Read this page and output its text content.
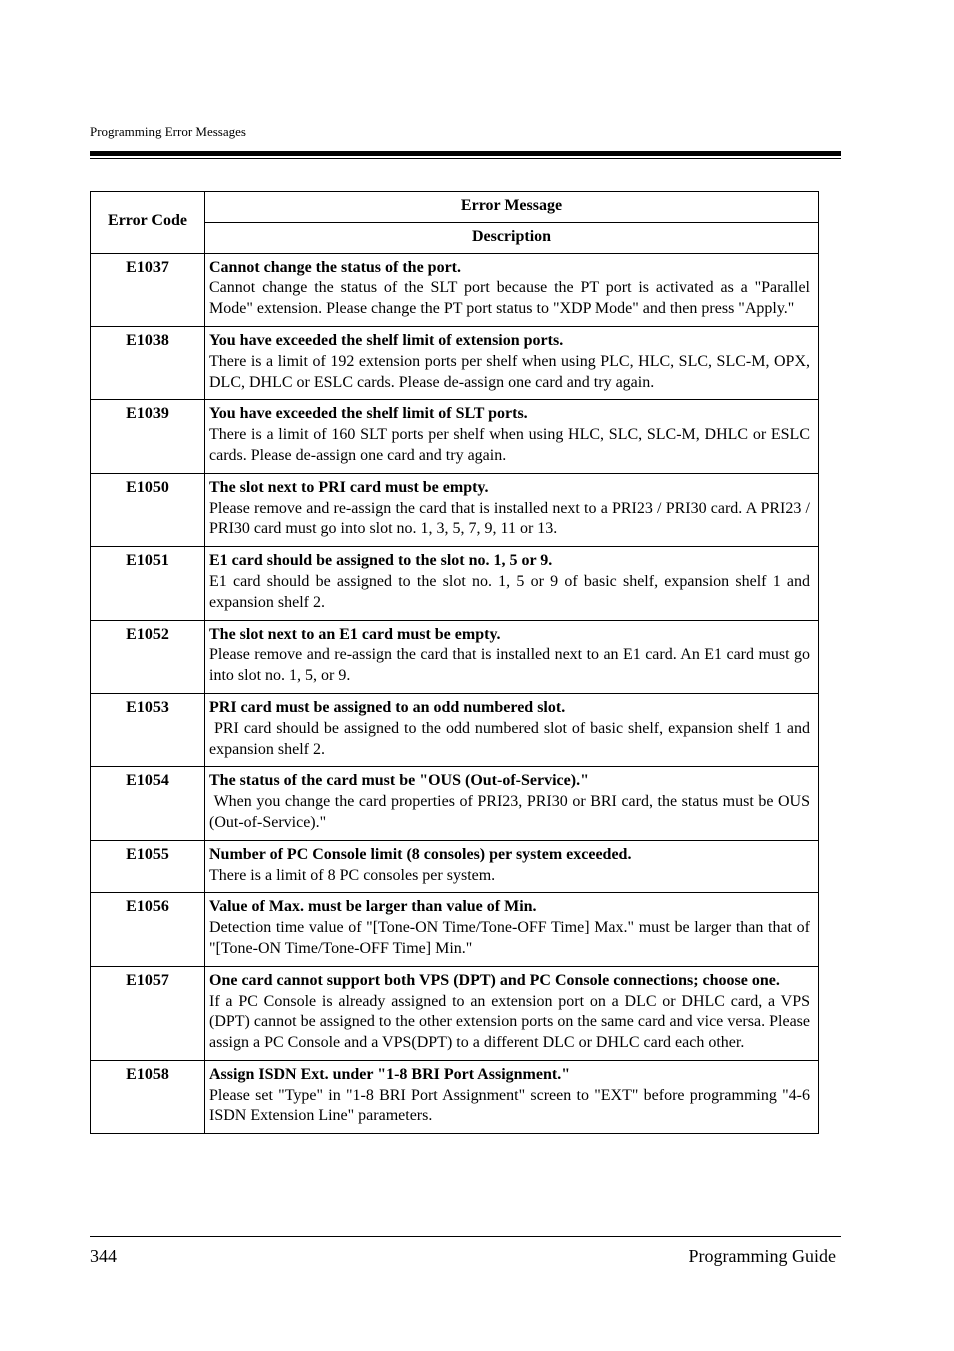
Programming Error Messages
Error Code	Error Message
	Description
E1037	Cannot change the status of the port.
Cannot change the status of the SLT port because the PT port is activated as a "Parallel Mode" extension. Please change the PT port status to "XDP Mode" and then press "Apply."

E1038	You have exceeded the shelf limit of extension ports.
There is a limit of 192 extension ports per shelf when using PLC, HLC, SLC, SLC-M, OPX, DLC, DHLC or ESLC cards. Please de-assign one card and try again.

E1039	You have exceeded the shelf limit of SLT ports.
There is a limit of 160 SLT ports per shelf when using HLC, SLC, SLC-M, DHLC or ESLC cards. Please de-assign one card and try again.

E1050	The slot next to PRI card must be empty.
Please remove and re-assign the card that is installed next to a PRI23 / PRI30 card. A PRI23 / PRI30 card must go into slot no. 1, 3, 5, 7, 9, 11 or 13.

E1051	E1 card should be assigned to the slot no. 1, 5 or 9.
E1 card should be assigned to the slot no. 1, 5 or 9 of basic shelf, expansion shelf 1 and expansion shelf 2.

E1052	The slot next to an E1 card must be empty.
Please remove and re-assign the card that is installed next to an E1 card. An E1 card must go into slot no. 1, 5, or 9.

E1053	PRI card must be assigned to an odd numbered slot.
PRI card should be assigned to the odd numbered slot of basic shelf, expansion shelf 1 and expansion shelf 2.

E1054	The status of the card must be "OUS (Out-of-Service)."
When you change the card properties of PRI23, PRI30 or BRI card, the status must be OUS (Out-of-Service)."

E1055	Number of PC Console limit (8 consoles) per system exceeded.
There is a limit of 8 PC consoles per system.

E1056	Value of Max. must be larger than value of Min.
Detection time value of "[Tone-ON Time/Tone-OFF Time] Max." must be larger than that of "[Tone-ON Time/Tone-OFF Time] Min."

E1057	One card cannot support both VPS (DPT) and PC Console connections; choose one.
If a PC Console is already assigned to an extension port on a DLC or DHLC card, a VPS (DPT) cannot be assigned to the other extension ports on the same card and vice versa. Please assign a PC Console and a VPS(DPT) to a different DLC or DHLC card each other.

E1058	Assign ISDN Ext. under "1-8 BRI Port Assignment."
Please set "Type" in "1-8 BRI Port Assignment" screen to "EXT" before programming "4-6 ISDN Extension Line" parameters.
344	Programming Guide
